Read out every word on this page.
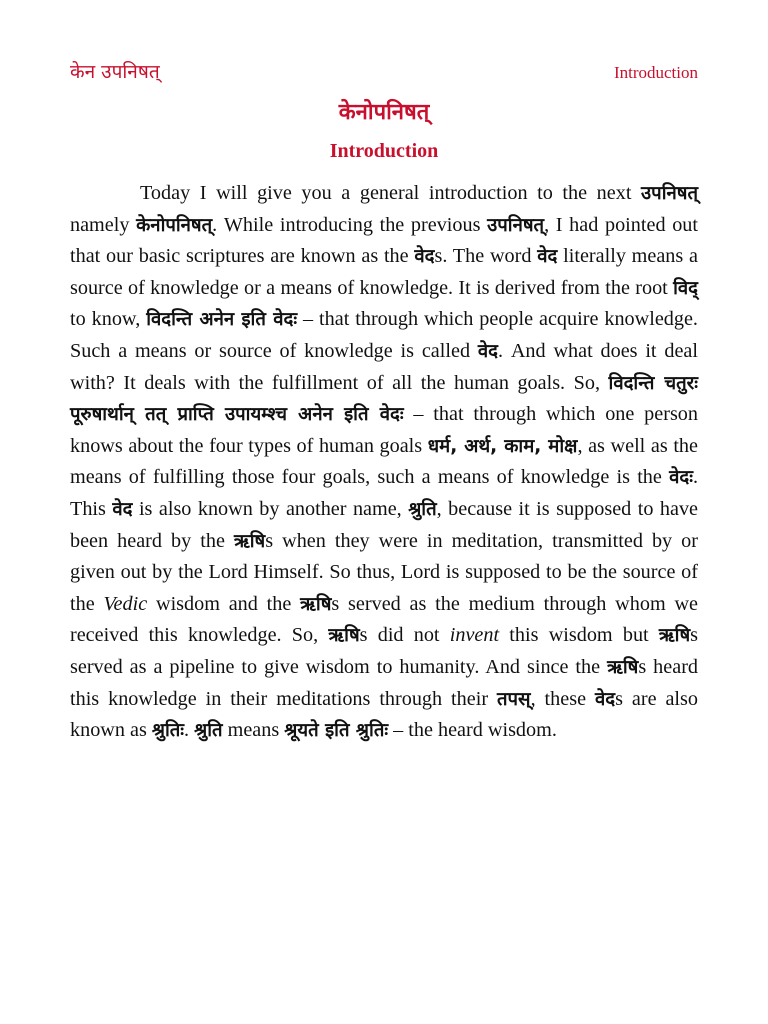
केन उपनिषत्	Introduction
केनोपनिषत्
Introduction

Today I will give you a general introduction to the next उपनिषत् namely केनोपनिषत्. While introducing the previous उपनिषत्, I had pointed out that our basic scriptures are known as the वेदs. The word वेद literally means a source of knowledge or a means of knowledge. It is derived from the root विद् to know, विदन्ति अनेन इति वेदः – that through which people acquire knowledge. Such a means or source of knowledge is called वेद. And what does it deal with? It deals with the fulfillment of all the human goals. So, विदन्ति चतुरः पूरुषार्थान् तत् प्राप्ति उपायम्श्च अनेन इति वेदः – that through which one person knows about the four types of human goals धर्म, अर्थ, काम, मोक्ष, as well as the means of fulfilling those four goals, such a means of knowledge is the वेदः. This वेद is also known by another name, श्रुति, because it is supposed to have been heard by the ऋषिs when they were in meditation, transmitted by or given out by the Lord Himself. So thus, Lord is supposed to be the source of the Vedic wisdom and the ऋषिs served as the medium through whom we received this knowledge. So, ऋषिs did not invent this wisdom but ऋषिs served as a pipeline to give wisdom to humanity. And since the ऋषिs heard this knowledge in their meditations through their तपस्, these वेदs are also known as श्रुतिः. श्रुति means श्रूयते इति श्रुतिः – the heard wisdom.
